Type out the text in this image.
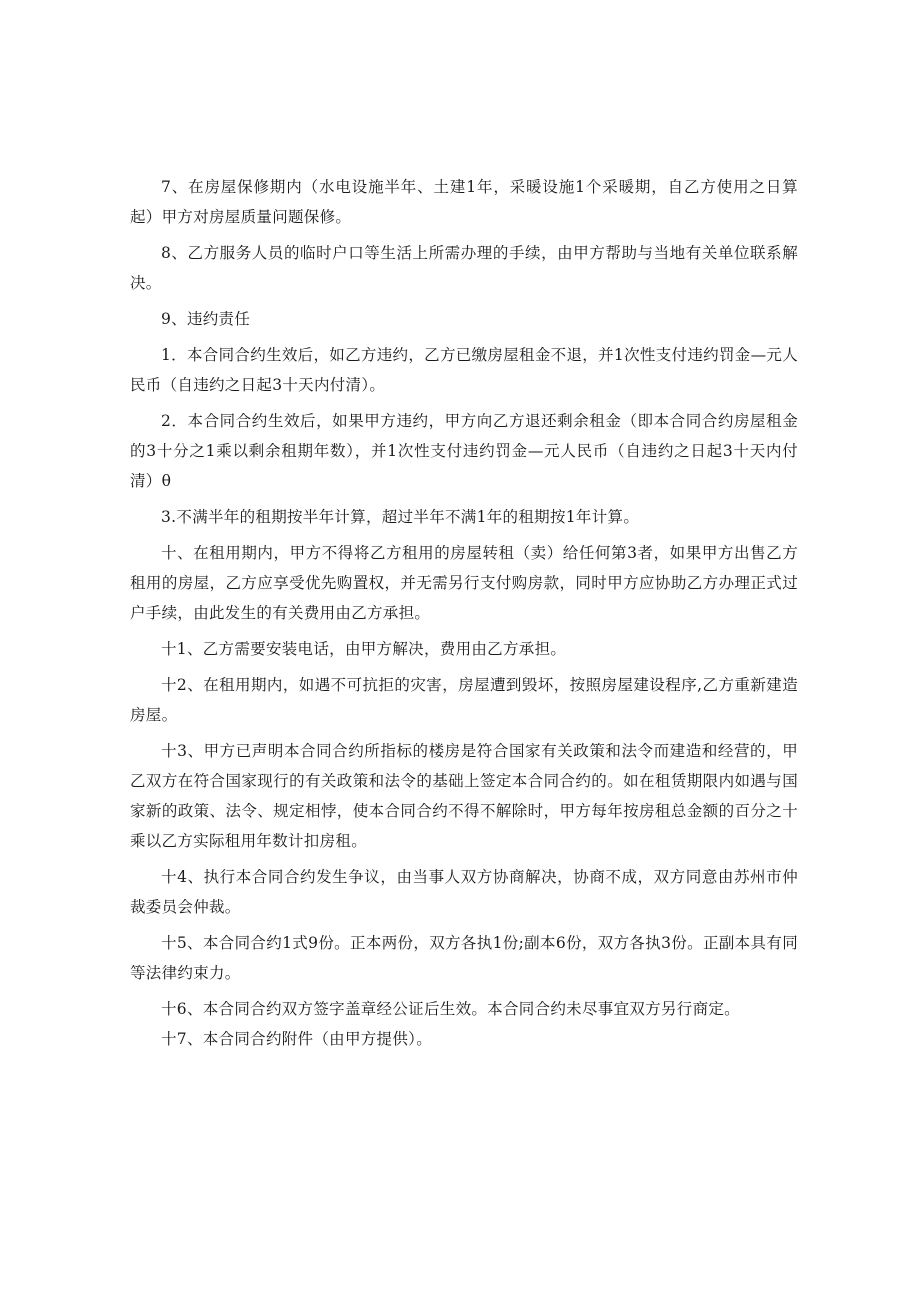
7、在房屋保修期内（水电设施半年、土建1年，采暖设施1个采暖期，自乙方使用之日算起）甲方对房屋质量问题保修。

8、乙方服务人员的临时户口等生活上所需办理的手续，由甲方帮助与当地有关单位联系解决。

9、违约责任

1．本合同合约生效后，如乙方违约，乙方已缴房屋租金不退，并1次性支付违约罚金—元人民币（自违约之日起3十天内付清）。

2．本合同合约生效后，如果甲方违约，甲方向乙方退还剩余租金（即本合同合约房屋租金的3十分之1乘以剩余租期年数），并1次性支付违约罚金—元人民币（自违约之日起3十天内付清）θ

3.不满半年的租期按半年计算，超过半年不满1年的租期按1年计算。

十、在租用期内，甲方不得将乙方租用的房屋转租（卖）给任何第3者，如果甲方出售乙方租用的房屋，乙方应享受优先购置权，并无需另行支付购房款，同时甲方应协助乙方办理正式过户手续，由此发生的有关费用由乙方承担。

十1、乙方需要安装电话，由甲方解决，费用由乙方承担。

十2、在租用期内，如遇不可抗拒的灾害，房屋遭到毁坏，按照房屋建设程序,乙方重新建造房屋。

十3、甲方已声明本合同合约所指标的楼房是符合国家有关政策和法令而建造和经营的，甲乙双方在符合国家现行的有关政策和法令的基础上签定本合同合约的。如在租赁期限内如遇与国家新的政策、法令、规定相悖，使本合同合约不得不解除时，甲方每年按房租总金额的百分之十乘以乙方实际租用年数计扣房租。

十4、执行本合同合约发生争议，由当事人双方协商解决，协商不成，双方同意由苏州市仲裁委员会仲裁。

十5、本合同合约1式9份。正本两份，双方各执1份;副本6份，双方各执3份。正副本具有同等法律约束力。

十6、本合同合约双方签字盖章经公证后生效。本合同合约未尽事宜双方另行商定。

十7、本合同合约附件（由甲方提供）。
